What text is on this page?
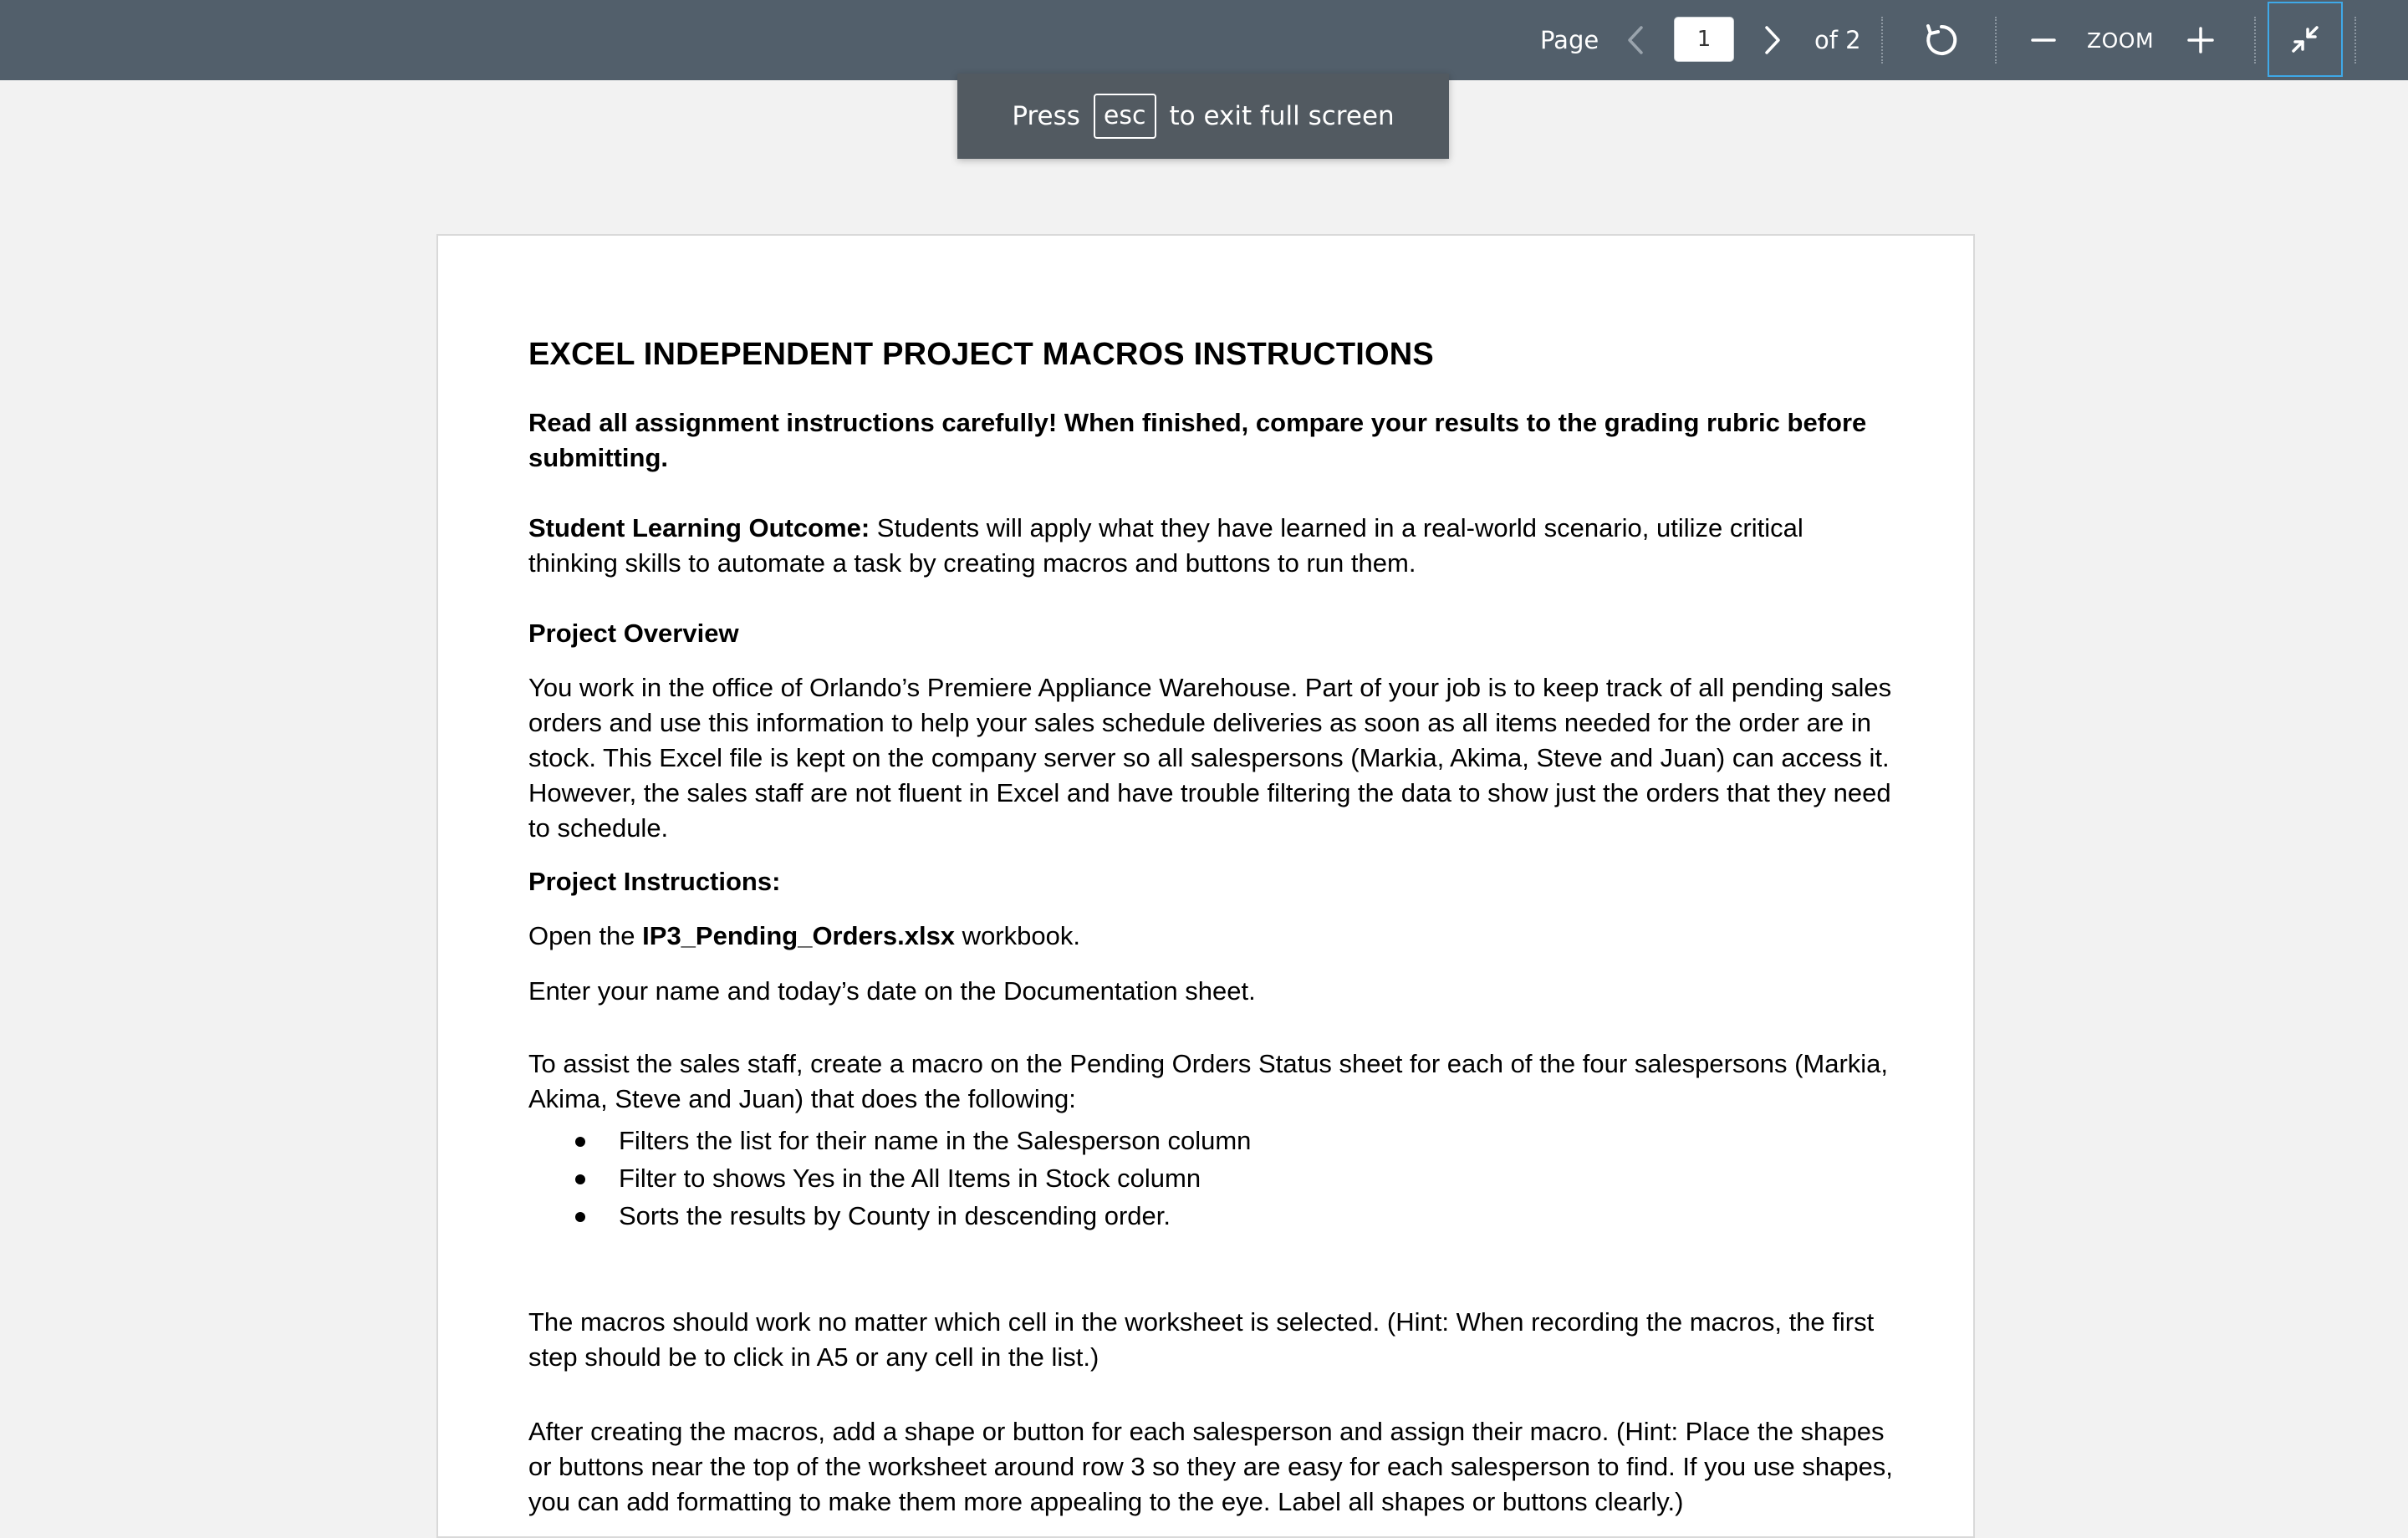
Page
1	of 2	ZOOM
Press esc to exit full screen
EXCEL INDEPENDENT PROJECT MACROS INSTRUCTIONS

Read all assignment instructions carefully! When finished, compare your results to the grading rubric before submitting.

Student Learning Outcome: Students will apply what they have learned in a real-world scenario, utilize critical thinking skills to automate a task by creating macros and buttons to run them.

Project Overview

You work in the office of Orlando’s Premiere Appliance Warehouse. Part of your job is to keep track of all pending sales orders and use this information to help your sales schedule deliveries as soon as all items needed for the order are in stock. This Excel file is kept on the company server so all salespersons (Markia, Akima, Steve and Juan) can access it. However, the sales staff are not fluent in Excel and have trouble filtering the data to show just the orders that they need to schedule.

Project Instructions:

Open the IP3_Pending_Orders.xlsx workbook.

Enter your name and today’s date on the Documentation sheet.

To assist the sales staff, create a macro on the Pending Orders Status sheet for each of the four salespersons (Markia, Akima, Steve and Juan) that does the following:

Filters the list for their name in the Salesperson column
Filter to shows Yes in the All Items in Stock column
Sorts the results by County in descending order.

The macros should work no matter which cell in the worksheet is selected. (Hint: When recording the macros, the first step should be to click in A5 or any cell in the list.)

After creating the macros, add a shape or button for each salesperson and assign their macro. (Hint: Place the shapes or buttons near the top of the worksheet around row 3 so they are easy for each salesperson to find. If you use shapes, you can add formatting to make them more appealing to the eye. Label all shapes or buttons clearly.)
